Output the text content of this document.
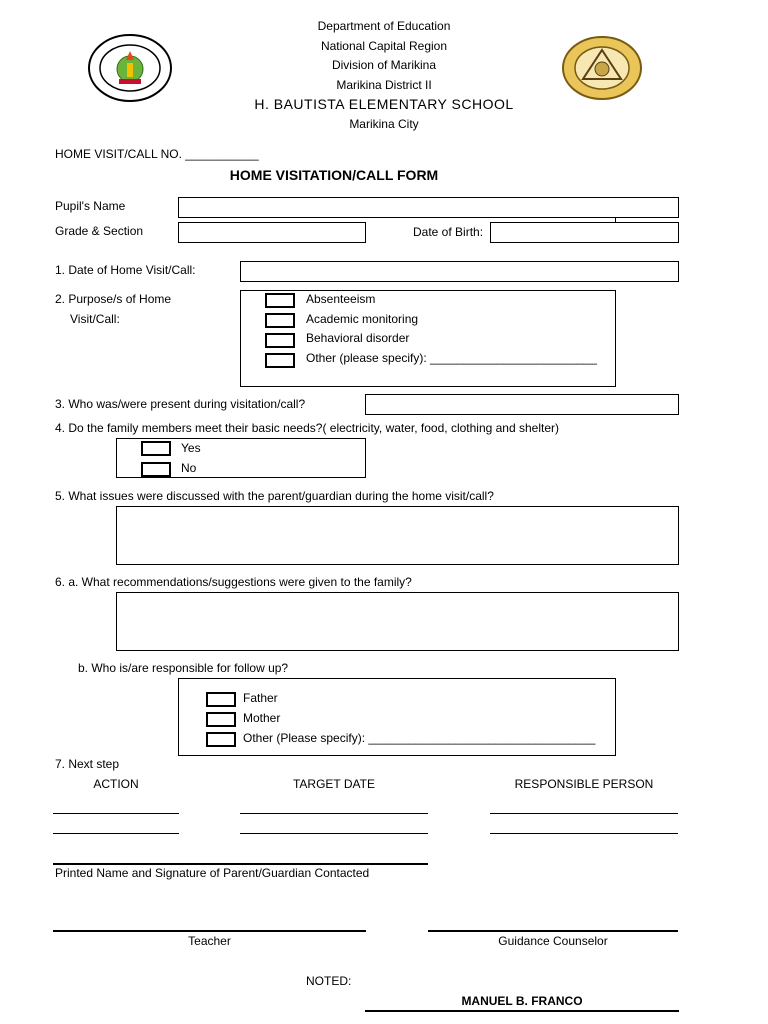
Department of Education
National Capital Region
Division of Marikina
Marikina District II
H. BAUTISTA ELEMENTARY SCHOOL
Marikina City
HOME VISIT/CALL NO. ___________
HOME VISITATION/CALL FORM
Pupil's Name
Grade & Section	Date of Birth:
1. Date of Home Visit/Call:
2. Purpose/s of Home
Visit/Call:
Absenteeism
Academic monitoring
Behavioral disorder
Other (please specify): _________________________
3. Who was/were present during visitation/call?
4. Do the family members meet their basic needs?( electricity, water, food, clothing and shelter)
Yes
No
5. What issues were discussed with the parent/guardian during the home visit/call?
6. a. What recommendations/suggestions were given to the family?
b. Who is/are responsible for follow up?
Father
Mother
Other (Please specify): __________________________________
7. Next step
ACTION	TARGET DATE	RESPONSIBLE PERSON
Printed Name and Signature of Parent/Guardian Contacted
Teacher	Guidance Counselor
NOTED:
MANUEL B. FRANCO
